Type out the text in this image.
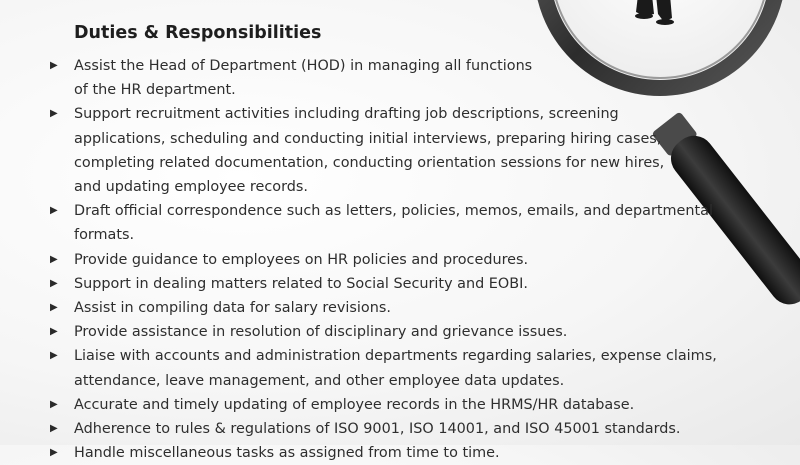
Duties & Responsibilities
▶ Assist the Head of Department (HOD) in managing all functions
of the HR department.
▶ Support recruitment activities including drafting job descriptions, screening
applications, scheduling and conducting initial interviews, preparing hiring cases,
completing related documentation, conducting orientation sessions for new hires,
and updating employee records.
▶ Draft official correspondence such as letters, policies, memos, emails, and departmental
formats.
▶ Provide guidance to employees on HR policies and procedures.
▶ Support in dealing matters related to Social Security and EOBI.
▶ Assist in compiling data for salary revisions.
▶ Provide assistance in resolution of disciplinary and grievance issues.
▶ Liaise with accounts and administration departments regarding salaries, expense claims,
attendance, leave management, and other employee data updates.
▶ Accurate and timely updating of employee records in the HRMS/HR database.
▶ Adherence to rules & regulations of ISO 9001, ISO 14001, and ISO 45001 standards.
▶ Handle miscellaneous tasks as assigned from time to time.
